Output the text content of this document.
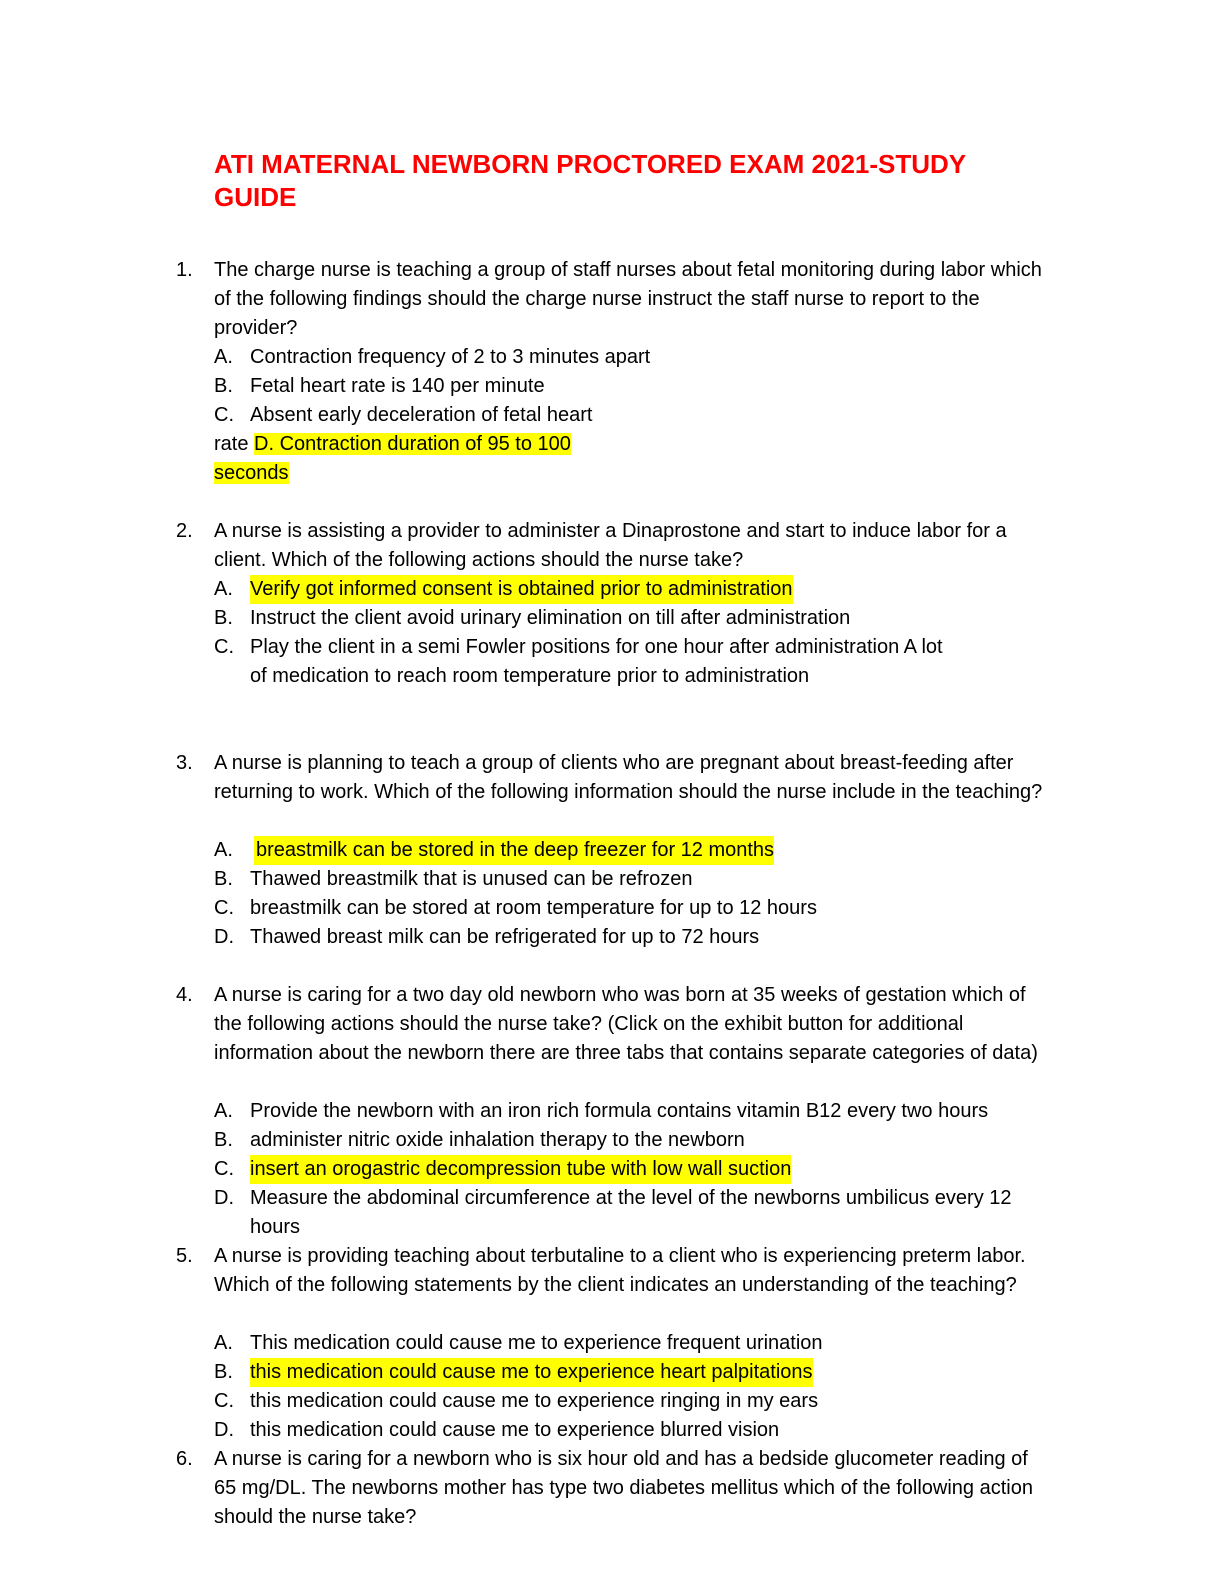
ATI MATERNAL NEWBORN PROCTORED EXAM 2021-STUDY GUIDE
1.	The charge nurse is teaching a group of staff nurses about fetal monitoring during labor which of the following findings should the charge nurse instruct the staff nurse to report to the provider?
A. Contraction frequency of 2 to 3 minutes apart
B. Fetal heart rate is 140 per minute
C. Absent early deceleration of fetal heart
rate D. Contraction duration of 95 to 100
seconds
2.	A nurse is assisting a provider to administer a Dinaprostone and start to induce labor for a client. Which of the following actions should the nurse take?
A. Verify got informed consent is obtained prior to administration
B. Instruct the client avoid urinary elimination on till after administration
C. Play the client in a semi Fowler positions for one hour after administration A lot of medication to reach room temperature prior to administration
3.	A nurse is planning to teach a group of clients who are pregnant about breast-feeding after returning to work. Which of the following information should the nurse include in the teaching?
A.	breastmilk can be stored in the deep freezer for 12 months
B. Thawed breastmilk that is unused can be refrozen
C. breastmilk can be stored at room temperature for up to 12 hours
D. Thawed breast milk can be refrigerated for up to 72 hours
4.	A nurse is caring for a two day old newborn who was born at 35 weeks of gestation which of the following actions should the nurse take? (Click on the exhibit button for additional information about the newborn there are three tabs that contains separate categories of data)
A. Provide the newborn with an iron rich formula contains vitamin B12 every two hours
B. administer nitric oxide inhalation therapy to the newborn
C. insert an orogastric decompression tube with low wall suction
D. Measure the abdominal circumference at the level of the newborns umbilicus every 12 hours
5.	A nurse is providing teaching about terbutaline to a client who is experiencing preterm labor. Which of the following statements by the client indicates an understanding of the teaching?
A. This medication could cause me to experience frequent urination
B. this medication could cause me to experience heart palpitations
C. this medication could cause me to experience ringing in my ears
D. this medication could cause me to experience blurred vision
6.	A nurse is caring for a newborn who is six hour old and has a bedside glucometer reading of 65 mg/DL. The newborns mother has type two diabetes mellitus which of the following action should the nurse take?
